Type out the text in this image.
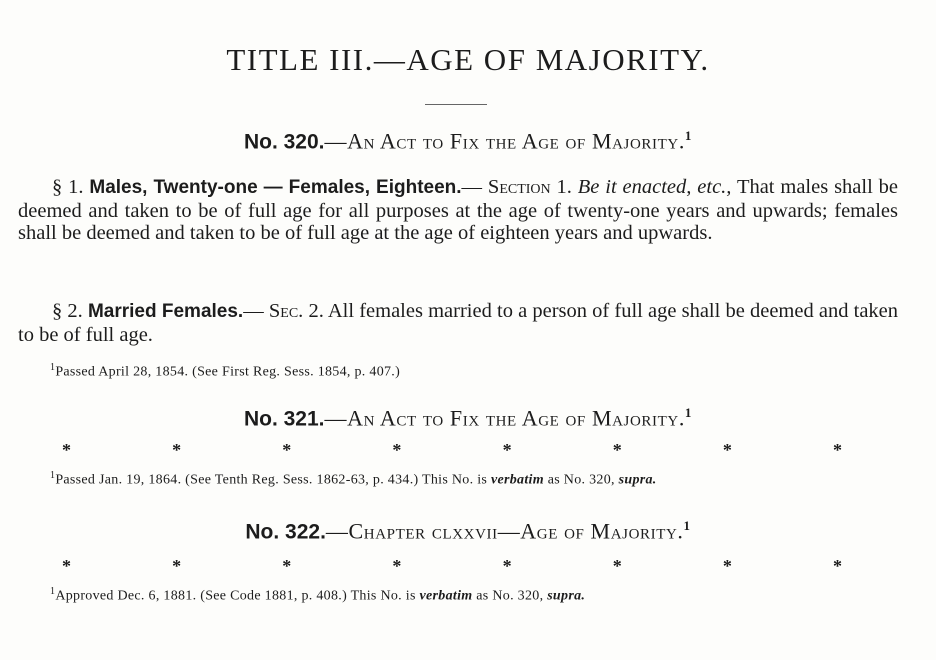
TITLE III.—AGE OF MAJORITY.
No. 320.—An Act to Fix the Age of Majority.$^1$
§ 1. Males, Twenty-one — Females, Eighteen.— Section 1. Be it enacted, etc., That males shall be deemed and taken to be of full age for all purposes at the age of twenty-one years and upwards; females shall be deemed and taken to be of full age at the age of eighteen years and upwards.
§ 2. Married Females.— Sec. 2. All females married to a person of full age shall be deemed and taken to be of full age.
$^1$Passed April 28, 1854. (See First Reg. Sess. 1854, p. 407.)
No. 321.—An Act to Fix the Age of Majority.$^1$
*	*	*	*	*	*	*	*
$^1$Passed Jan. 19, 1864. (See Tenth Reg. Sess. 1862-63, p. 434.) This No. is verbatim as No. 320, supra.
No. 322.—Chapter clxxvii—Age of Majority.$^1$
*	*	*	*	*	*	*	*
$^1$Approved Dec. 6, 1881. (See Code 1881, p. 408.) This No. is verbatim as No. 320, supra.
